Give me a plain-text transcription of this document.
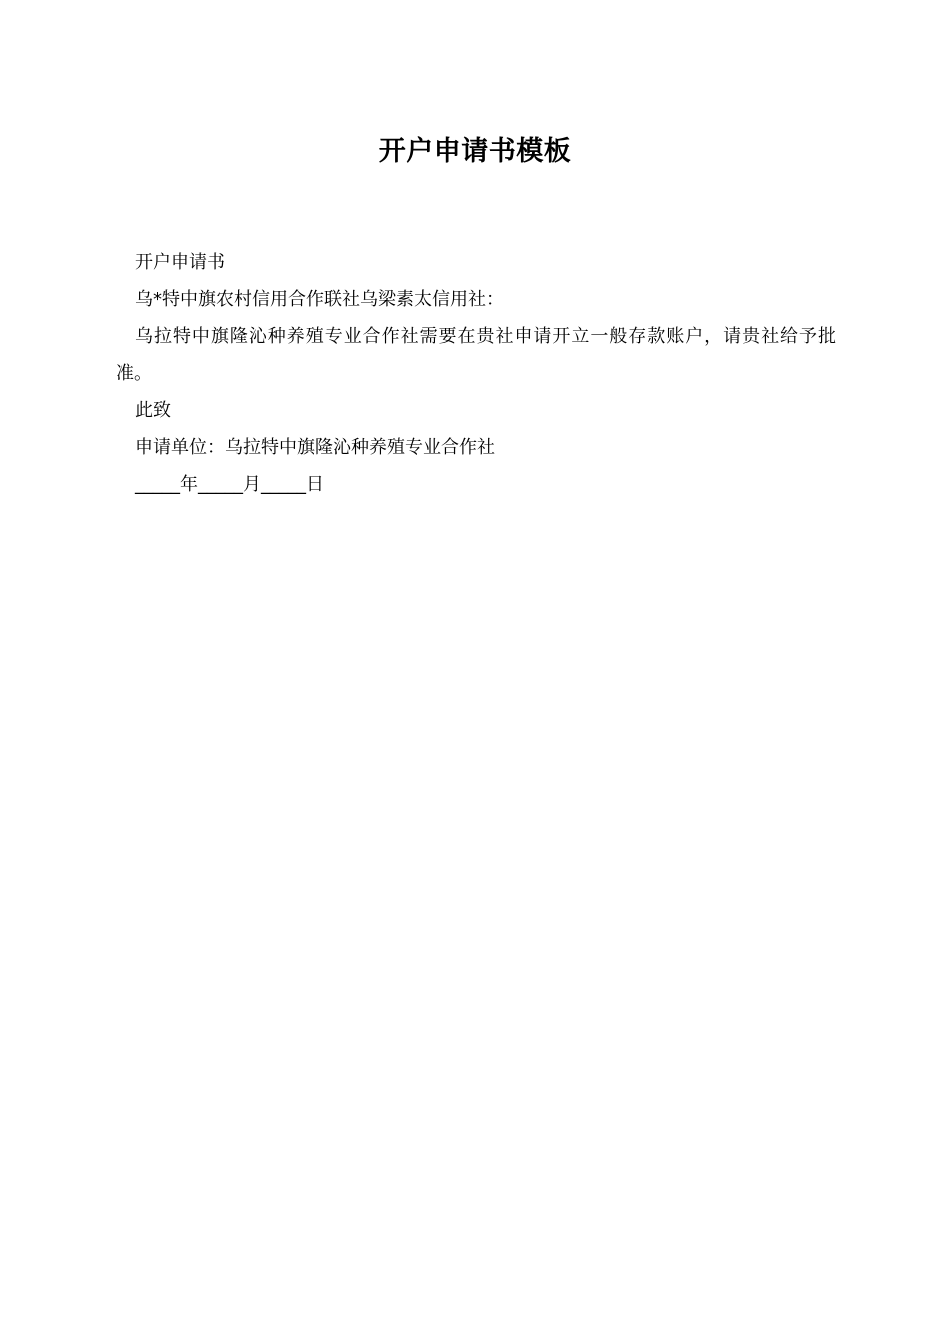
开户申请书模板

开户申请书

乌*特中旗农村信用合作联社乌梁素太信用社：

乌拉特中旗隆沁种养殖专业合作社需要在贵社申请开立一般存款账户，请贵社给予批准。

此致

申请单位：乌拉特中旗隆沁种养殖专业合作社

_____年_____月_____日
